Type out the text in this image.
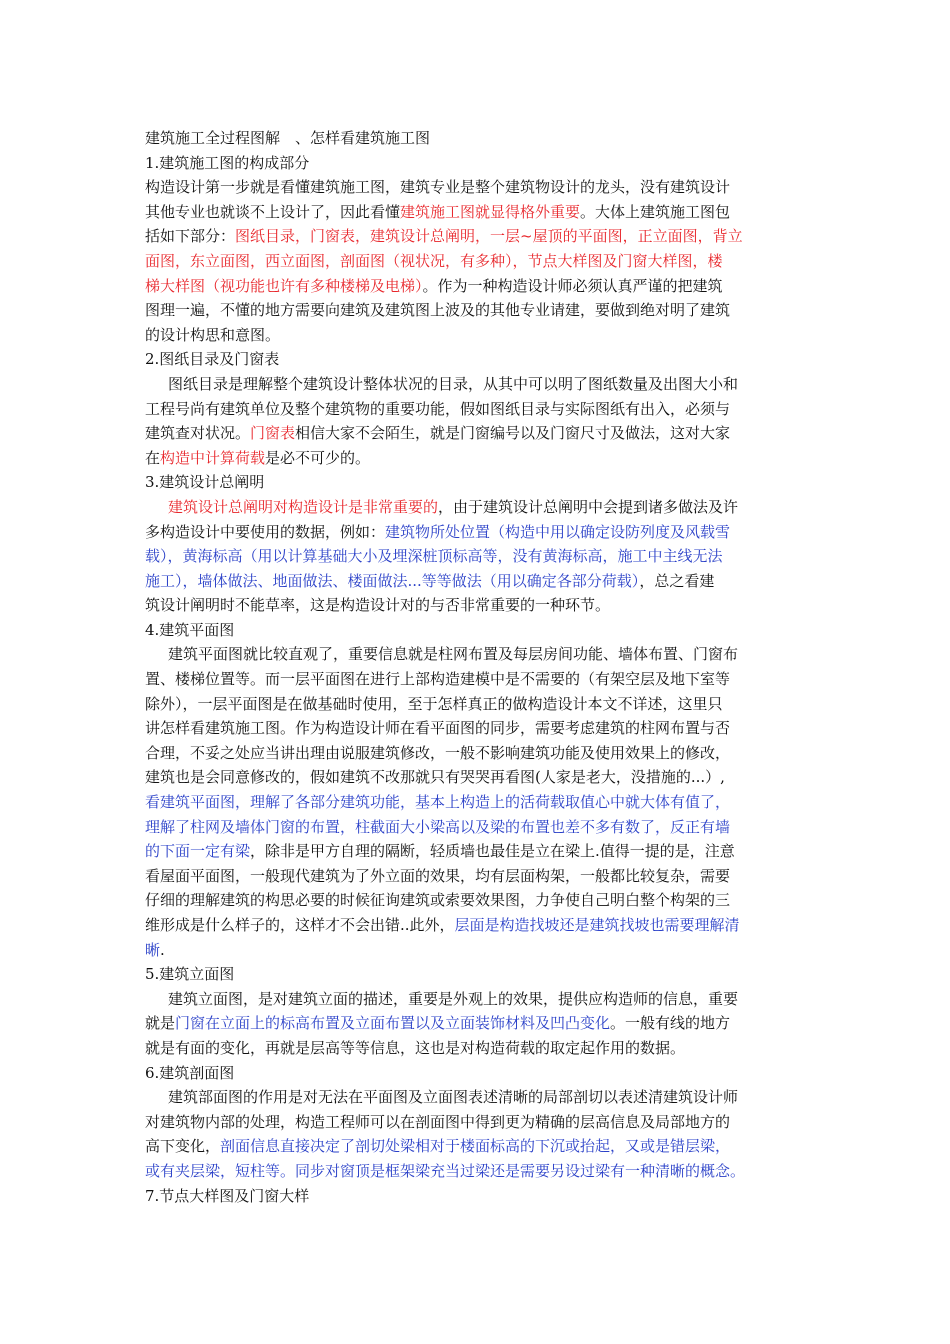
建筑施工全过程图解　、怎样看建筑施工图
1.建筑施工图的构成部分
构造设计第一步就是看懂建筑施工图，建筑专业是整个建筑物设计的龙头，没有建筑设计
其他专业也就谈不上设计了，因此看懂建筑施工图就显得格外重要。大体上建筑施工图包
括如下部分：图纸目录，门窗表，建筑设计总阐明，一层~屋顶的平面图，正立面图，背立
面图，东立面图，西立面图，剖面图（视状况，有多种），节点大样图及门窗大样图，楼
梯大样图（视功能也许有多种楼梯及电梯）。作为一种构造设计师必须认真严谨的把建筑
图理一遍，不懂的地方需要向建筑及建筑图上波及的其他专业请建，要做到绝对明了建筑
的设计构思和意图。
2.图纸目录及门窗表
图纸目录是理解整个建筑设计整体状况的目录，从其中可以明了图纸数量及出图大小和
工程号尚有建筑单位及整个建筑物的重要功能，假如图纸目录与实际图纸有出入，必须与
建筑查对状况。门窗表相信大家不会陌生，就是门窗编号以及门窗尺寸及做法，这对大家
在构造中计算荷载是必不可少的。
3.建筑设计总阐明
建筑设计总阐明对构造设计是非常重要的，由于建筑设计总阐明中会提到诸多做法及许
多构造设计中要使用的数据，例如：建筑物所处位置（构造中用以确定设防列度及风载雪
载），黄海标高（用以计算基础大小及埋深桩顶标高等，没有黄海标高，施工中主线无法
施工），墙体做法、地面做法、楼面做法...等等做法（用以确定各部分荷载），总之看建
筑设计阐明时不能草率，这是构造设计对的与否非常重要的一种环节。
4.建筑平面图
建筑平面图就比较直观了，重要信息就是柱网布置及每层房间功能、墙体布置、门窗布
置、楼梯位置等。而一层平面图在进行上部构造建模中是不需要的（有架空层及地下室等
除外），一层平面图是在做基础时使用，至于怎样真正的做构造设计本文不详述，这里只
讲怎样看建筑施工图。作为构造设计师在看平面图的同步，需要考虑建筑的柱网布置与否
合理，不妥之处应当讲出理由说服建筑修改，一般不影响建筑功能及使用效果上的修改，
建筑也是会同意修改的，假如建筑不改那就只有哭哭再看图(人家是老大，没措施的...）,
看建筑平面图，理解了各部分建筑功能，基本上构造上的活荷载取值心中就大体有值了，
理解了柱网及墙体门窗的布置，柱截面大小梁高以及梁的布置也差不多有数了，反正有墙
的下面一定有梁，除非是甲方自理的隔断，轻质墙也最佳是立在梁上.值得一提的是，注意
看屋面平面图，一般现代建筑为了外立面的效果，均有层面构架，一般都比较复杂，需要
仔细的理解建筑的构思必要的时候征询建筑或索要效果图，力争使自己明白整个构架的三
维形成是什么样子的，这样才不会出错..此外，层面是构造找坡还是建筑找坡也需要理解清
晰.
5.建筑立面图
建筑立面图，是对建筑立面的描述，重要是外观上的效果，提供应构造师的信息，重要
就是门窗在立面上的标高布置及立面布置以及立面装饰材料及凹凸变化。一般有线的地方
就是有面的变化，再就是层高等等信息，这也是对构造荷载的取定起作用的数据。
6.建筑剖面图
建筑部面图的作用是对无法在平面图及立面图表述清晰的局部剖切以表述清建筑设计师
对建筑物内部的处理，构造工程师可以在剖面图中得到更为精确的层高信息及局部地方的
高下变化，剖面信息直接决定了剖切处梁相对于楼面标高的下沉或抬起，又或是错层梁，
或有夹层梁，短柱等。同步对窗顶是框架梁充当过梁还是需要另设过梁有一种清晰的概念。
7.节点大样图及门窗大样
